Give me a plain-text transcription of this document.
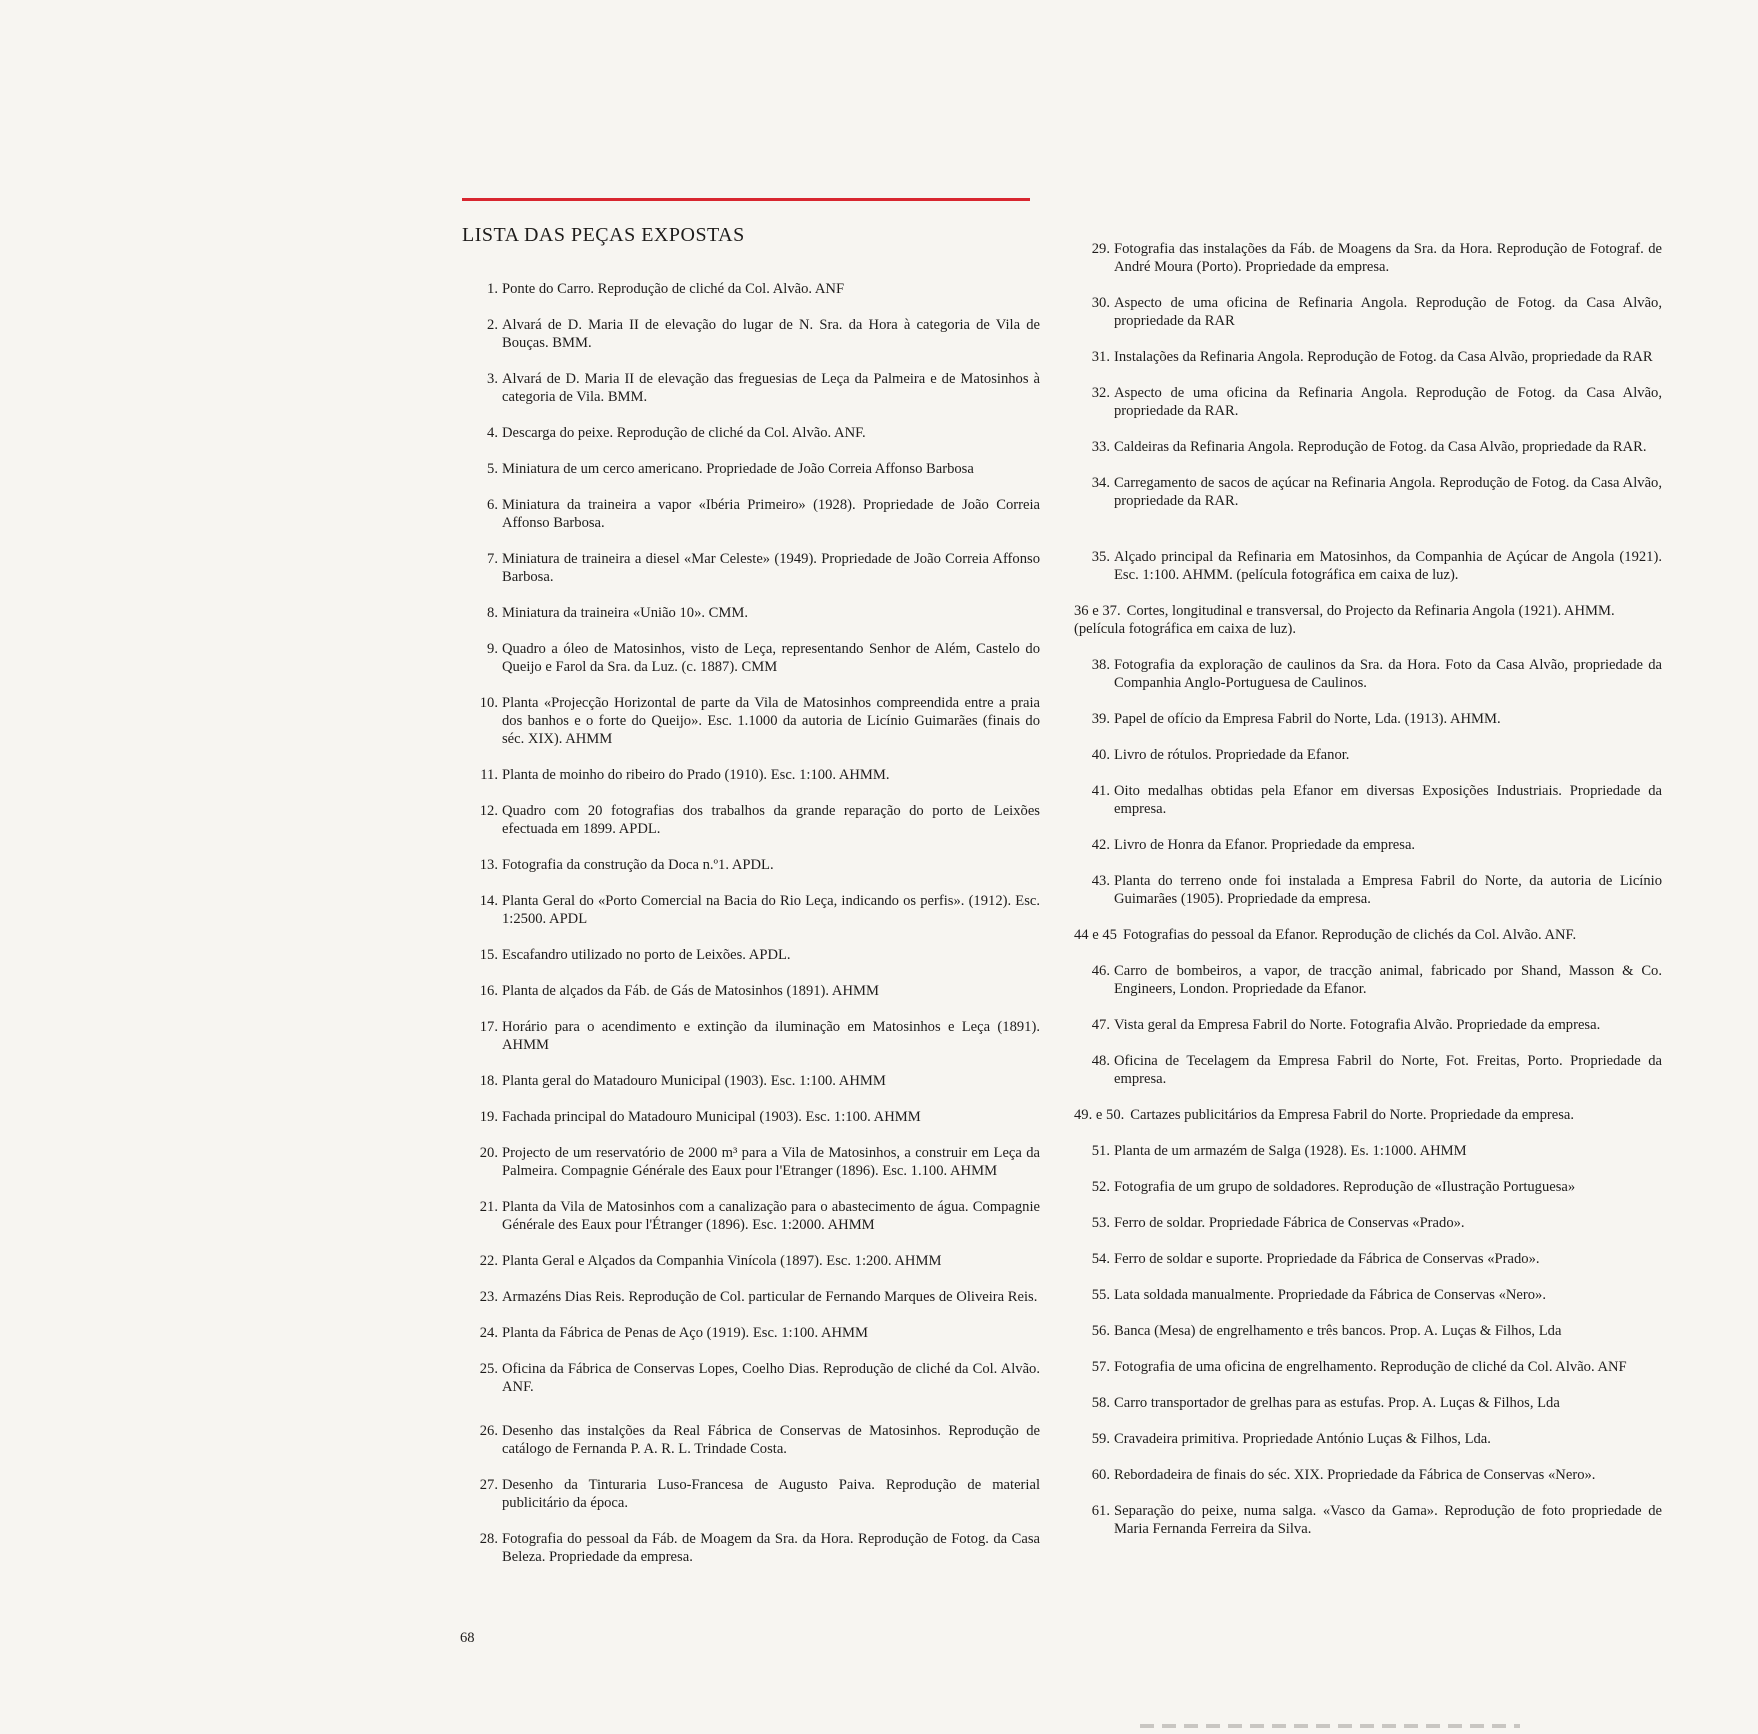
LISTA DAS PEÇAS EXPOSTAS
1. Ponte do Carro. Reprodução de cliché da Col. Alvão. ANF
2. Alvará de D. Maria II de elevação do lugar de N. Sra. da Hora à categoria de Vila de Bouças. BMM.
3. Alvará de D. Maria II de elevação das freguesias de Leça da Palmeira e de Matosinhos à categoria de Vila. BMM.
4. Descarga do peixe. Reprodução de cliché da Col. Alvão. ANF.
5. Miniatura de um cerco americano. Propriedade de João Correia Affonso Barbosa
6. Miniatura da traineira a vapor «Ibéria Primeiro» (1928). Propriedade de João Correia Affonso Barbosa.
7. Miniatura de traineira a diesel «Mar Celeste» (1949). Propriedade de João Correia Affonso Barbosa.
8. Miniatura da traineira «União 10». CMM.
9. Quadro a óleo de Matosinhos, visto de Leça, representando Senhor de Além, Castelo do Queijo e Farol da Sra. da Luz. (c. 1887). CMM
10. Planta «Projecção Horizontal de parte da Vila de Matosinhos compreendida entre a praia dos banhos e o forte do Queijo». Esc. 1.1000 da autoria de Licínio Guimarães (finais do séc. XIX). AHMM
11. Planta de moinho do ribeiro do Prado (1910). Esc. 1:100. AHMM.
12. Quadro com 20 fotografias dos trabalhos da grande reparação do porto de Leixões efectuada em 1899. APDL.
13. Fotografia da construção da Doca n.º1. APDL.
14. Planta Geral do «Porto Comercial na Bacia do Rio Leça, indicando os perfis». (1912). Esc. 1:2500. APDL
15. Escafandro utilizado no porto de Leixões. APDL.
16. Planta de alçados da Fáb. de Gás de Matosinhos (1891). AHMM
17. Horário para o acendimento e extinção da iluminação em Matosinhos e Leça (1891). AHMM
18. Planta geral do Matadouro Municipal (1903). Esc. 1:100. AHMM
19. Fachada principal do Matadouro Municipal (1903). Esc. 1:100. AHMM
20. Projecto de um reservatório de 2000 m³ para a Vila de Matosinhos, a construir em Leça da Palmeira. Compagnie Générale des Eaux pour l'Etranger (1896). Esc. 1.100. AHMM
21. Planta da Vila de Matosinhos com a canalização para o abastecimento de água. Compagnie Générale des Eaux pour l'Étranger (1896). Esc. 1:2000. AHMM
22. Planta Geral e Alçados da Companhia Vinícola (1897). Esc. 1:200. AHMM
23. Armazéns Dias Reis. Reprodução de Col. particular de Fernando Marques de Oliveira Reis.
24. Planta da Fábrica de Penas de Aço (1919). Esc. 1:100. AHMM
25. Oficina da Fábrica de Conservas Lopes, Coelho Dias. Reprodução de cliché da Col. Alvão. ANF.
26. Desenho das instalções da Real Fábrica de Conservas de Matosinhos. Reprodução de catálogo de Fernanda P. A. R. L. Trindade Costa.
27. Desenho da Tinturaria Luso-Francesa de Augusto Paiva. Reprodução de material publicitário da época.
28. Fotografia do pessoal da Fáb. de Moagem da Sra. da Hora. Reprodução de Fotog. da Casa Beleza. Propriedade da empresa.
29. Fotografia das instalações da Fáb. de Moagens da Sra. da Hora. Reprodução de Fotograf. de André Moura (Porto). Propriedade da empresa.
30. Aspecto de uma oficina de Refinaria Angola. Reprodução de Fotog. da Casa Alvão, propriedade da RAR
31. Instalações da Refinaria Angola. Reprodução de Fotog. da Casa Alvão, propriedade da RAR
32. Aspecto de uma oficina da Refinaria Angola. Reprodução de Fotog. da Casa Alvão, propriedade da RAR.
33. Caldeiras da Refinaria Angola. Reprodução de Fotog. da Casa Alvão, propriedade da RAR.
34. Carregamento de sacos de açúcar na Refinaria Angola. Reprodução de Fotog. da Casa Alvão, propriedade da RAR.
35. Alçado principal da Refinaria em Matosinhos, da Companhia de Açúcar de Angola (1921). Esc. 1:100. AHMM. (película fotográfica em caixa de luz).
36 e 37. Cortes, longitudinal e transversal, do Projecto da Refinaria Angola (1921). AHMM. (película fotográfica em caixa de luz).
38. Fotografia da exploração de caulinos da Sra. da Hora. Foto da Casa Alvão, propriedade da Companhia Anglo-Portuguesa de Caulinos.
39. Papel de ofício da Empresa Fabril do Norte, Lda. (1913). AHMM.
40. Livro de rótulos. Propriedade da Efanor.
41. Oito medalhas obtidas pela Efanor em diversas Exposições Industriais. Propriedade da empresa.
42. Livro de Honra da Efanor. Propriedade da empresa.
43. Planta do terreno onde foi instalada a Empresa Fabril do Norte, da autoria de Licínio Guimarães (1905). Propriedade da empresa.
44 e 45 Fotografias do pessoal da Efanor. Reprodução de clichés da Col. Alvão. ANF.
46. Carro de bombeiros, a vapor, de tracção animal, fabricado por Shand, Masson & Co. Engineers, London. Propriedade da Efanor.
47. Vista geral da Empresa Fabril do Norte. Fotografia Alvão. Propriedade da empresa.
48. Oficina de Tecelagem da Empresa Fabril do Norte, Fot. Freitas, Porto. Propriedade da empresa.
49. e 50. Cartazes publicitários da Empresa Fabril do Norte. Propriedade da empresa.
51. Planta de um armazém de Salga (1928). Es. 1:1000. AHMM
52. Fotografia de um grupo de soldadores. Reprodução de «Ilustração Portuguesa»
53. Ferro de soldar. Propriedade Fábrica de Conservas «Prado».
54. Ferro de soldar e suporte. Propriedade da Fábrica de Conservas «Prado».
55. Lata soldada manualmente. Propriedade da Fábrica de Conservas «Nero».
56. Banca (Mesa) de engrelhamento e três bancos. Prop. A. Luças & Filhos, Lda
57. Fotografia de uma oficina de engrelhamento. Reprodução de cliché da Col. Alvão. ANF
58. Carro transportador de grelhas para as estufas. Prop. A. Luças & Filhos, Lda
59. Cravadeira primitiva. Propriedade António Luças & Filhos, Lda.
60. Rebordadeira de finais do séc. XIX. Propriedade da Fábrica de Conservas «Nero».
61. Separação do peixe, numa salga. «Vasco da Gama». Reprodução de foto propriedade de Maria Fernanda Ferreira da Silva.
68
